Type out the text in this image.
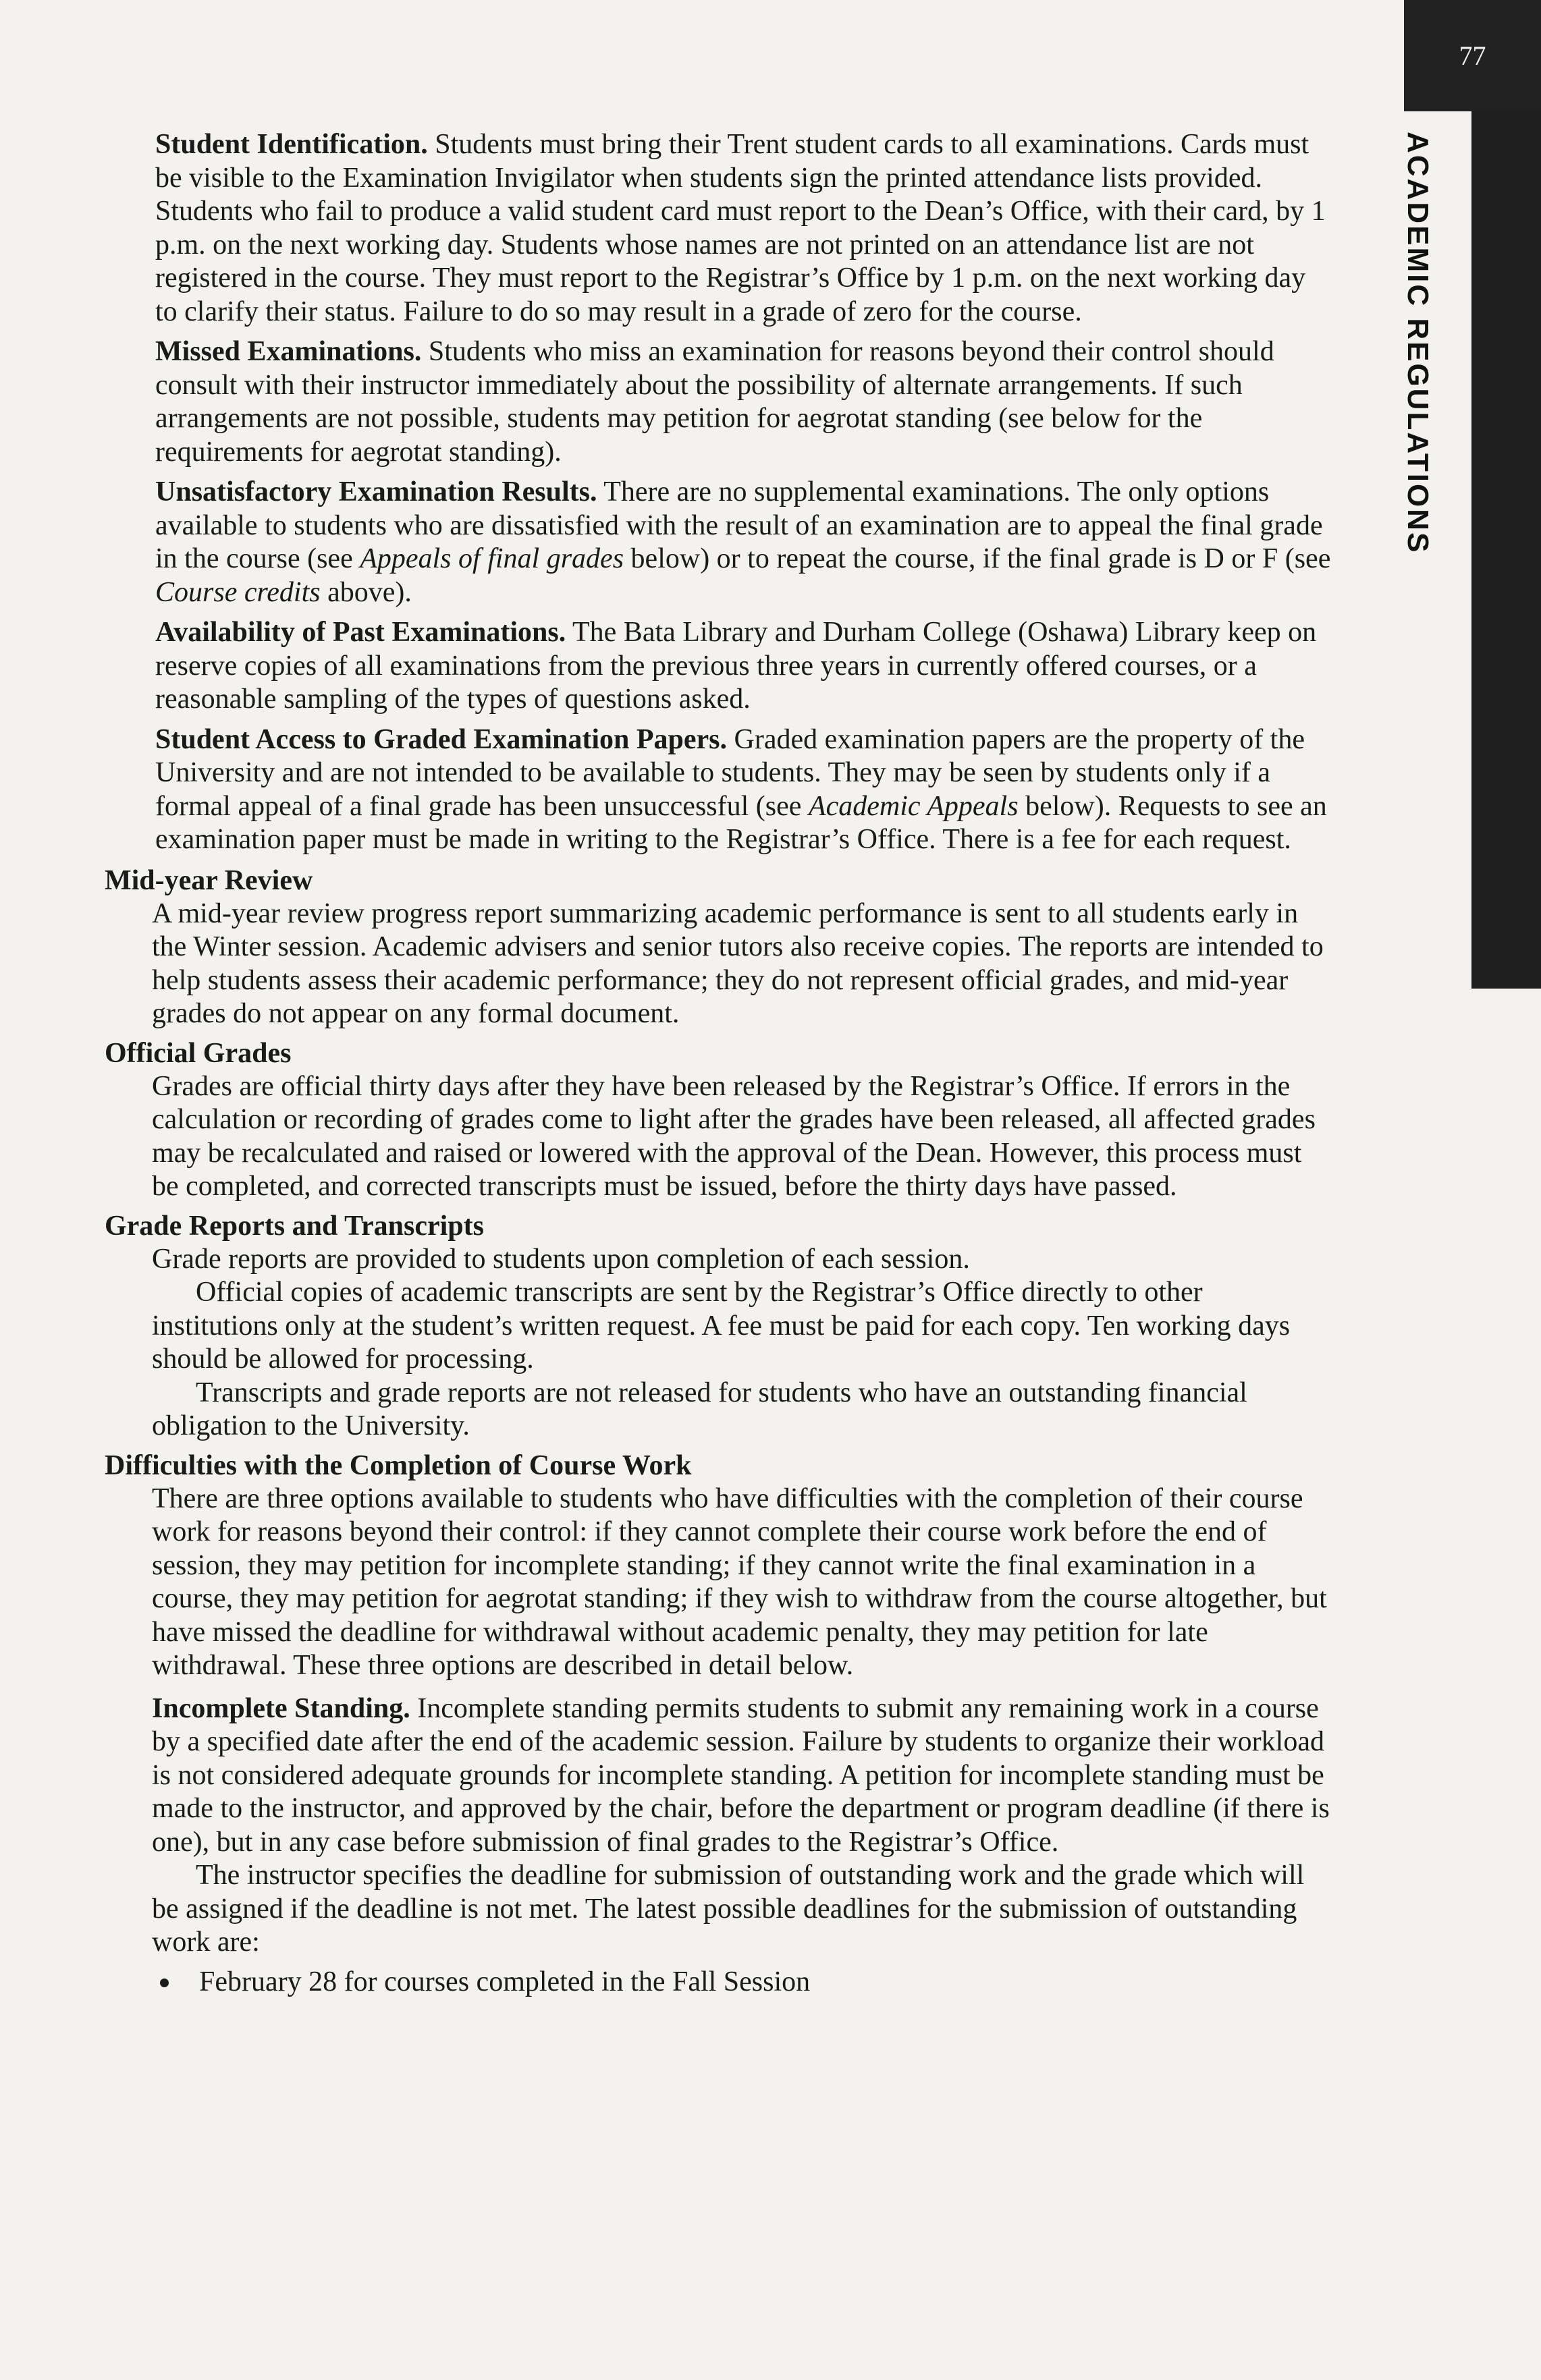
77
ACADEMIC REGULATIONS

Student Identification. Students must bring their Trent student cards to all examinations. Cards must be visible to the Examination Invigilator when students sign the printed attendance lists provided. Students who fail to produce a valid student card must report to the Dean’s Office, with their card, by 1 p.m. on the next working day. Students whose names are not printed on an attendance list are not registered in the course. They must report to the Registrar’s Office by 1 p.m. on the next working day to clarify their status. Failure to do so may result in a grade of zero for the course.

Missed Examinations. Students who miss an examination for reasons beyond their control should consult with their instructor immediately about the possibility of alternate arrangements. If such arrangements are not possible, students may petition for aegrotat standing (see below for the requirements for aegrotat standing).

Unsatisfactory Examination Results. There are no supplemental examinations. The only options available to students who are dissatisfied with the result of an examination are to appeal the final grade in the course (see Appeals of final grades below) or to repeat the course, if the final grade is D or F (see Course credits above).

Availability of Past Examinations. The Bata Library and Durham College (Oshawa) Library keep on reserve copies of all examinations from the previous three years in currently offered courses, or a reasonable sampling of the types of questions asked.

Student Access to Graded Examination Papers. Graded examination papers are the property of the University and are not intended to be available to students. They may be seen by students only if a formal appeal of a final grade has been unsuccessful (see Academic Appeals below). Requests to see an examination paper must be made in writing to the Registrar’s Office. There is a fee for each request.

Mid-year Review

A mid-year review progress report summarizing academic performance is sent to all students early in the Winter session. Academic advisers and senior tutors also receive copies. The reports are intended to help students assess their academic performance; they do not represent official grades, and mid-year grades do not appear on any formal document.

Official Grades

Grades are official thirty days after they have been released by the Registrar’s Office. If errors in the calculation or recording of grades come to light after the grades have been released, all affected grades may be recalculated and raised or lowered with the approval of the Dean. However, this process must be completed, and corrected transcripts must be issued, before the thirty days have passed.

Grade Reports and Transcripts

Grade reports are provided to students upon completion of each session.

Official copies of academic transcripts are sent by the Registrar’s Office directly to other institutions only at the student’s written request. A fee must be paid for each copy. Ten working days should be allowed for processing.

Transcripts and grade reports are not released for students who have an outstanding financial obligation to the University.

Difficulties with the Completion of Course Work

There are three options available to students who have difficulties with the completion of their course work for reasons beyond their control: if they cannot complete their course work before the end of session, they may petition for incomplete standing; if they cannot write the final examination in a course, they may petition for aegrotat standing; if they wish to withdraw from the course altogether, but have missed the deadline for withdrawal without academic penalty, they may petition for late withdrawal. These three options are described in detail below.

Incomplete Standing. Incomplete standing permits students to submit any remaining work in a course by a specified date after the end of the academic session. Failure by students to organize their workload is not considered adequate grounds for incomplete standing. A petition for incomplete standing must be made to the instructor, and approved by the chair, before the department or program deadline (if there is one), but in any case before submission of final grades to the Registrar’s Office.

The instructor specifies the deadline for submission of outstanding work and the grade which will be assigned if the deadline is not met. The latest possible deadlines for the submission of outstanding work are:

February 28 for courses completed in the Fall Session
